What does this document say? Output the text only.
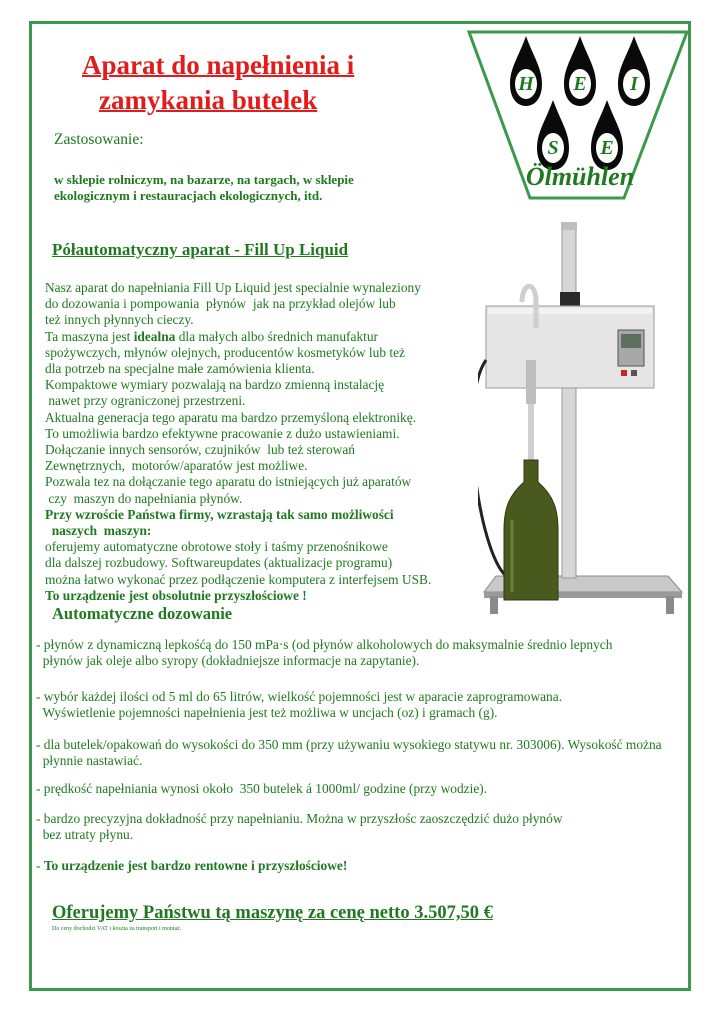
Aparat do napełnienia i
zamykania butelek
H E I
S E
Ölmühlen
Zastosowanie:
w sklepie rolniczym, na bazarze, na targach, w sklepie
ekologicznym i restauracjach ekologicznych, itd.
Półautomatyczny aparat - Fill Up Liquid
Nasz aparat do napełniania Fill Up Liquid jest specialnie wynaleziony
do dozowania i pompowania  płynów  jak na przykład olejów lub
też innych płynnych cieczy.
Ta maszyna jest idealna dla małych albo średnich manufaktur
spożywczych, młynów olejnych, producentów kosmetyków lub też
dla potrzeb na specjalne małe zamówienia klienta.
Kompaktowe wymiary pozwalają na bardzo zmienną instalację
nawet przy ograniczonej przestrzeni.
Aktualna generacja tego aparatu ma bardzo przemyśloną elektronikę.
To umożliwia bardzo efektywne pracowanie z dużo ustawieniami.
Dołączanie innych sensorów, czujników  lub też sterowań
Zewnętrznych,  motorów/aparatów jest możliwe.
Pozwala tez na dołączanie tego aparatu do istniejących już aparatów
czy  maszyn do napełniania płynów.
Przy wzroście Państwa firmy, wzrastają tak samo możliwości
naszych  maszyn:
oferujemy automatyczne obrotowe stoły i taśmy przenośnikowe
dla dalszej rozbudowy. Softwareupdates (aktualizacje programu)
można łatwo wykonać przez podłączenie komputera z interfejsem USB.
To urządzenie jest obsolutnie przyszłościowe !
Automatyczne dozowanie
- płynów z dynamiczną lepkośćą do 150 mPa·s (od płynów alkoholowych do maksymalnie średnio lepnych
płynów jak oleje albo syropy (dokładniejsze informacje na zapytanie).
- wybór każdej ilości od 5 ml do 65 litrów, wielkość pojemności jest w aparacie zaprogramowana.
Wyświetlenie pojemności napełnienia jest też możliwa w uncjach (oz) i gramach (g).
- dla butelek/opakowań do wysokości do 350 mm (przy używaniu wysokiego statywu nr. 303006). Wysokość można
płynnie nastawiać.
- prędkość napełniania wynosi około  350 butelek á 1000ml/ godzine (przy wodzie).
- bardzo precyzyjna dokładność przy napełnianiu. Można w przyszłośc zaoszczędzić dużo płynów
bez utraty płynu.
- To urządzenie jest bardzo rentowne i przyszłościowe!
Oferujemy Państwu tą maszynę za cenę netto 3.507,50 €
Do ceny dochodzi VAT i koszta za transport i montaż.
